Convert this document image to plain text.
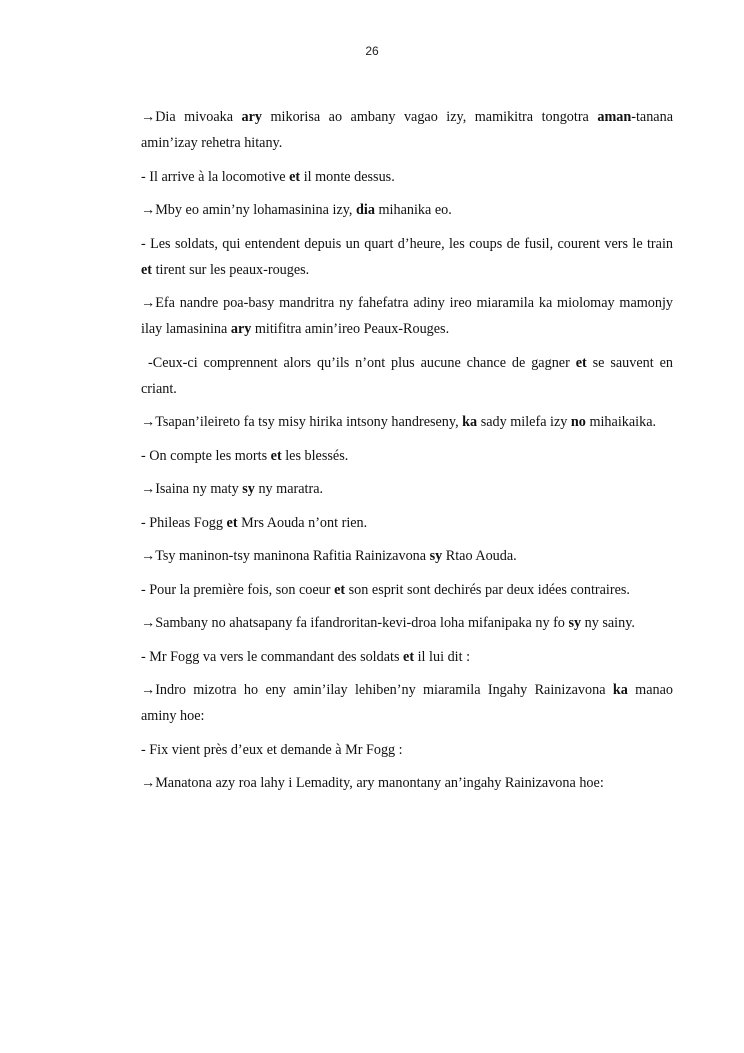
26

→Dia mivoaka ary mikorisa ao ambany vagao izy, mamikitra tongotra aman-tanana amin’izay rehetra hitany.

- Il arrive à la locomotive et il monte dessus.

→Mby eo amin’ny lohamasinina izy, dia mihanika eo.

- Les soldats, qui entendent depuis un quart d’heure, les coups de fusil, courent vers le train et tirent sur les peaux-rouges.

→Efa nandre poa-basy mandritra ny fahefatra adiny ireo miaramila ka miolomay mamonjy ilay lamasinina ary mitifitra amin’ireo Peaux-Rouges.

-Ceux-ci comprennent alors qu’ils n’ont plus aucune chance de gagner et se sauvent en criant.

→Tsapan’ileireto fa tsy misy hirika intsony handreseny, ka sady milefa izy no mihaikaika.

- On compte les morts et les blessés.

→Isaina ny maty sy ny maratra.

- Phileas Fogg et Mrs Aouda n’ont rien.

→Tsy maninon-tsy maninona Rafitia Rainizavona sy Rtao Aouda.

- Pour la première fois, son coeur et son esprit sont dechirés par deux idées contraires.

→Sambany no ahatsapany fa ifandroritan-kevi-droa loha mifanipaka ny fo sy ny sainy.

- Mr Fogg va vers le commandant des soldats et il lui dit :

→Indro mizotra ho eny amin’ilay lehiben’ny miaramila Ingahy Rainizavona ka manao aminy hoe:

- Fix vient près d’eux et demande à Mr Fogg :

→Manatona azy roa lahy i Lemadity, ary manontany an’ingahy Rainizavona hoe:
